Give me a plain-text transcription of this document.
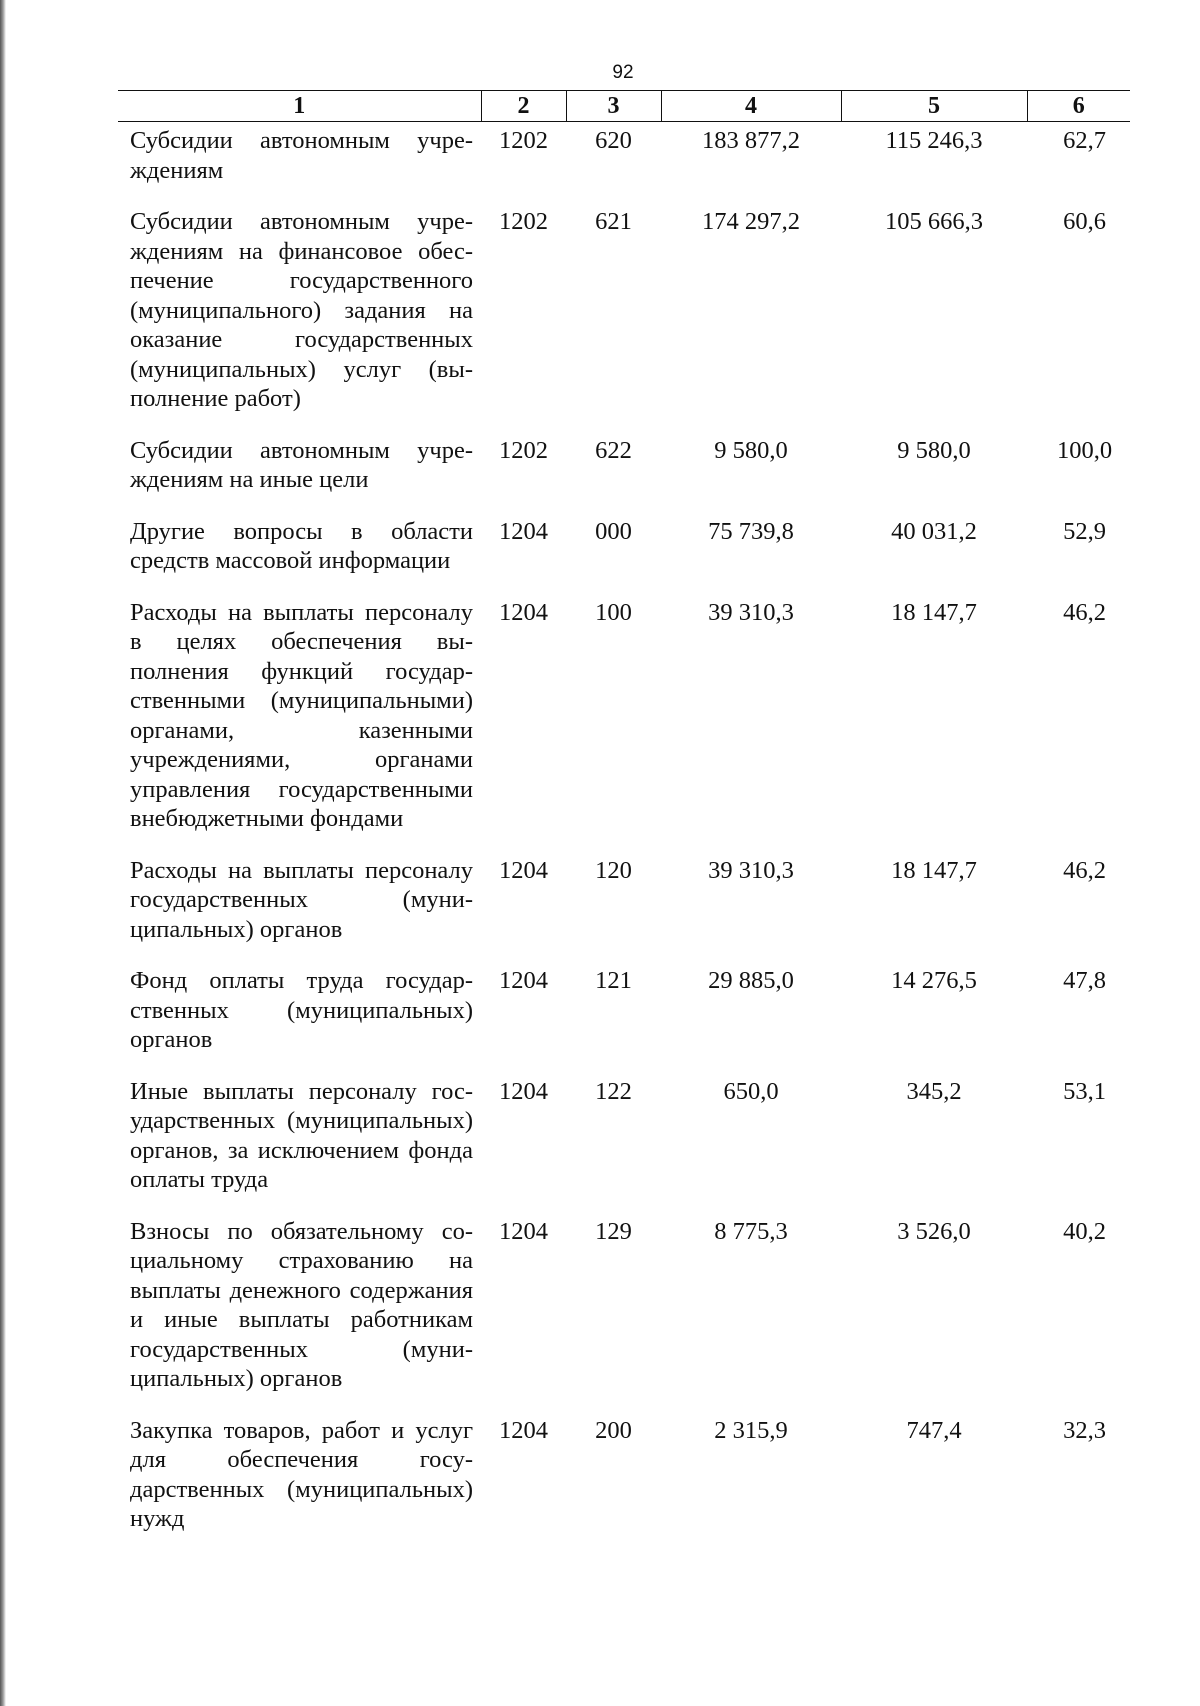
92
1	2	3	4	5	6
Субсидии автономным учреждениям	1202	620	183 877,2	115 246,3	62,7
Субсидии автономным учреждениям на финансовое обеспечение государственного (муниципального) задания на оказание государственных (муниципальных) услуг (выполнение работ)	1202	621	174 297,2	105 666,3	60,6
Субсидии автономным учреждениям на иные цели	1202	622	9 580,0	9 580,0	100,0
Другие вопросы в области средств массовой информации	1204	000	75 739,8	40 031,2	52,9
Расходы на выплаты персоналу в целях обеспечения выполнения функций государственными (муниципальными) органами, казенными учреждениями, органами управления государственными внебюджетными фондами	1204	100	39 310,3	18 147,7	46,2
Расходы на выплаты персоналу государственных (муниципальных) органов	1204	120	39 310,3	18 147,7	46,2
Фонд оплаты труда государственных (муниципальных) органов	1204	121	29 885,0	14 276,5	47,8
Иные выплаты персоналу государственных (муниципальных) органов, за исключением фонда оплаты труда	1204	122	650,0	345,2	53,1
Взносы по обязательному социальному страхованию на выплаты денежного содержания и иные выплаты работникам государственных (муниципальных) органов	1204	129	8 775,3	3 526,0	40,2
Закупка товаров, работ и услуг для обеспечения государственных (муниципальных) нужд	1204	200	2 315,9	747,4	32,3
